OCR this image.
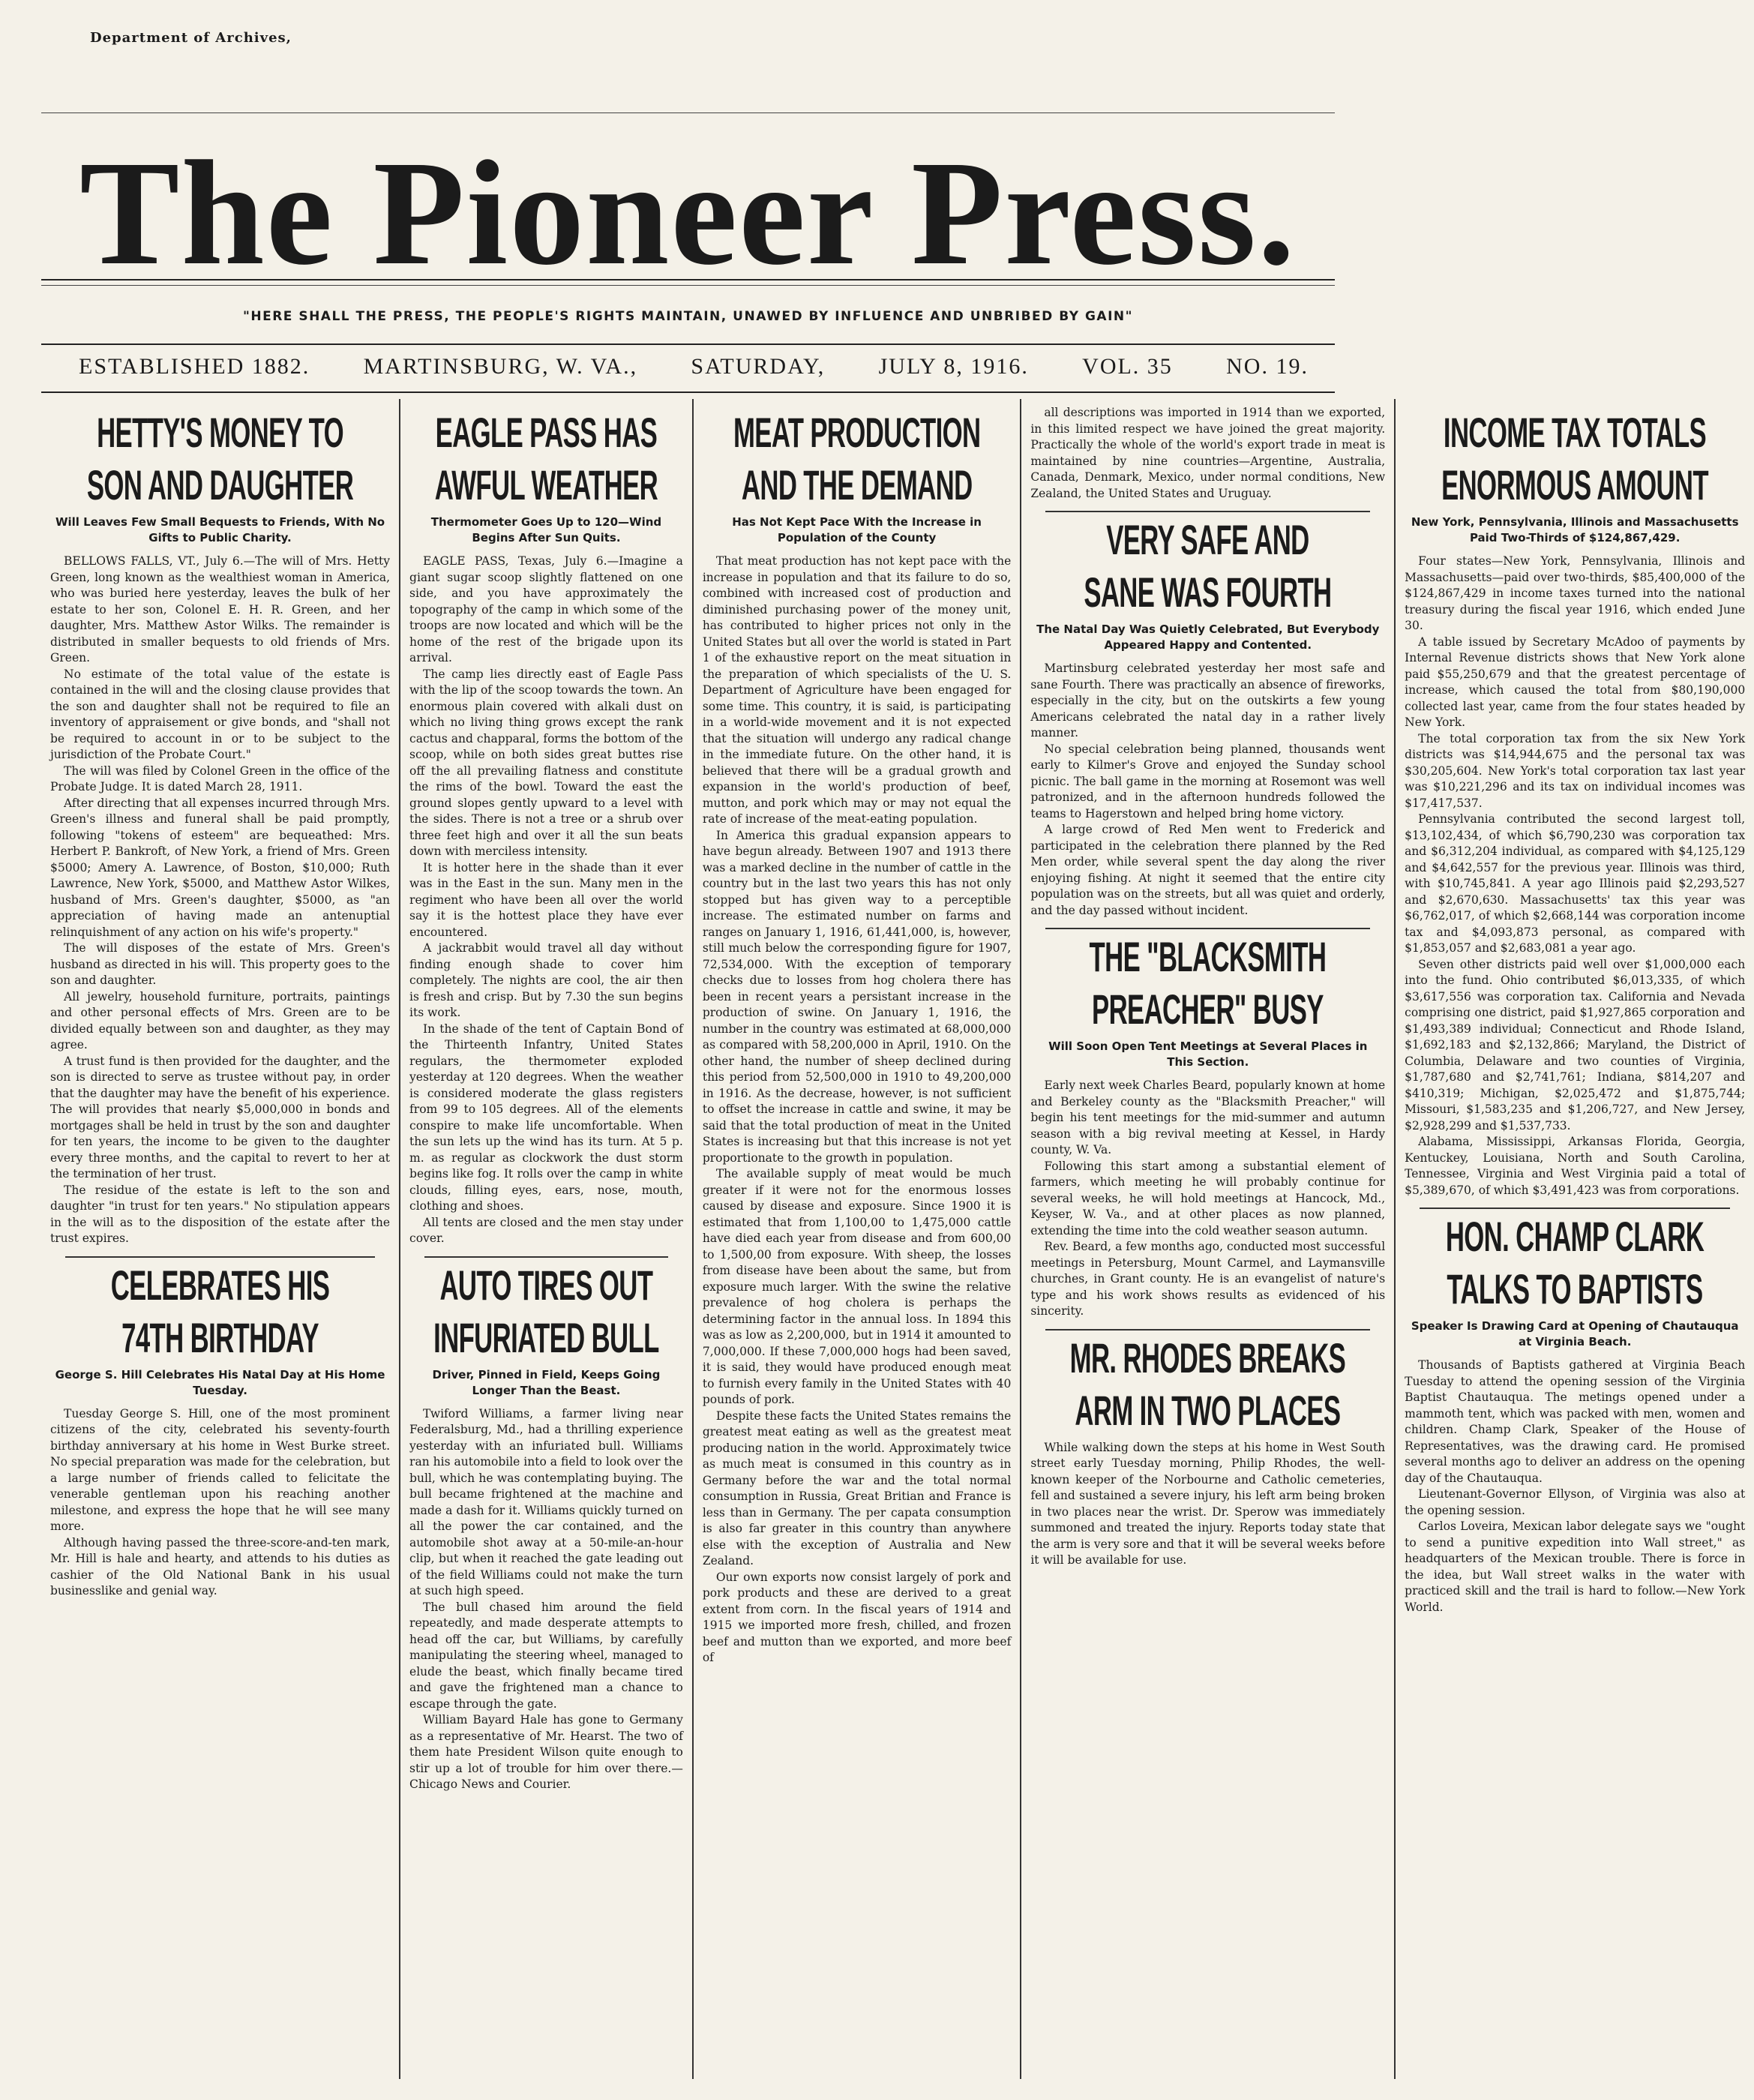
Department of Archives,
The Pioneer Press.
"HERE SHALL THE PRESS, THE PEOPLE'S RIGHTS MAINTAIN, UNAWED BY INFLUENCE AND UNBRIBED BY GAIN"
ESTABLISHED 1882. MARTINSBURG, W. VA., SATURDAY, JULY 8, 1916. VOL. 35 NO. 19.
HETTY'S MONEY TO
SON AND DAUGHTER
Will Leaves Few Small Bequests to Friends, With No Gifts to Public Charity.

BELLOWS FALLS, VT., July 6.—The will of Mrs. Hetty Green, long known as the wealthiest woman in America, who was buried here yesterday, leaves the bulk of her estate to her son, Colonel E. H. R. Green, and her daughter, Mrs. Matthew Astor Wilks. The remainder is distributed in smaller bequests to old friends of Mrs. Green.

No estimate of the total value of the estate is contained in the will and the closing clause provides that the son and daughter shall not be required to file an inventory of appraisement or give bonds, and "shall not be required to account in or to be subject to the jurisdiction of the Probate Court."

The will was filed by Colonel Green in the office of the Probate Judge. It is dated March 28, 1911.

After directing that all expenses incurred through Mrs. Green's illness and funeral shall be paid promptly, following "tokens of esteem" are bequeathed: Mrs. Herbert P. Bankroft, of New York, a friend of Mrs. Green $5000; Amery A. Lawrence, of Boston, $10,000; Ruth Lawrence, New York, $5000, and Matthew Astor Wilkes, husband of Mrs. Green's daughter, $5000, as "an appreciation of having made an antenuptial relinquishment of any action on his wife's property."

The will disposes of the estate of Mrs. Green's husband as directed in his will. This property goes to the son and daughter.

All jewelry, household furniture, portraits, paintings and other personal effects of Mrs. Green are to be divided equally between son and daughter, as they may agree.

A trust fund is then provided for the daughter, and the son is directed to serve as trustee without pay, in order that the daughter may have the benefit of his experience. The will provides that nearly $5,000,000 in bonds and mortgages shall be held in trust by the son and daughter for ten years, the income to be given to the daughter every three months, and the capital to revert to her at the termination of her trust.

The residue of the estate is left to the son and daughter "in trust for ten years." No stipulation appears in the will as to the disposition of the estate after the trust expires.

CELEBRATES HIS
74TH BIRTHDAY
George S. Hill Celebrates His Natal Day at His Home Tuesday.

Tuesday George S. Hill, one of the most prominent citizens of the city, celebrated his seventy-fourth birthday anniversary at his home in West Burke street. No special preparation was made for the celebration, but a large number of friends called to felicitate the venerable gentleman upon his reaching another milestone, and express the hope that he will see many more.

Although having passed the three-score-and-ten mark, Mr. Hill is hale and hearty, and attends to his duties as cashier of the Old National Bank in his usual businesslike and genial way.

EAGLE PASS HAS
AWFUL WEATHER
Thermometer Goes Up to 120—Wind Begins After Sun Quits.

EAGLE PASS, Texas, July 6.—Imagine a giant sugar scoop slightly flattened on one side, and you have approximately the topography of the camp in which some of the troops are now located and which will be the home of the rest of the brigade upon its arrival.

The camp lies directly east of Eagle Pass with the lip of the scoop towards the town. An enormous plain covered with alkali dust on which no living thing grows except the rank cactus and chapparal, forms the bottom of the scoop, while on both sides great buttes rise off the all prevailing flatness and constitute the rims of the bowl. Toward the east the ground slopes gently upward to a level with the sides. There is not a tree or a shrub over three feet high and over it all the sun beats down with merciless intensity.

It is hotter here in the shade than it ever was in the East in the sun. Many men in the regiment who have been all over the world say it is the hottest place they have ever encountered.

A jackrabbit would travel all day without finding enough shade to cover him completely. The nights are cool, the air then is fresh and crisp. But by 7.30 the sun begins its work.

In the shade of the tent of Captain Bond of the Thirteenth Infantry, United States regulars, the thermometer exploded yesterday at 120 degrees. When the weather is considered moderate the glass registers from 99 to 105 degrees. All of the elements conspire to make life uncomfortable. When the sun lets up the wind has its turn. At 5 p. m. as regular as clockwork the dust storm begins like fog. It rolls over the camp in white clouds, filling eyes, ears, nose, mouth, clothing and shoes.

All tents are closed and the men stay under cover.

AUTO TIRES OUT
INFURIATED BULL
Driver, Pinned in Field, Keeps Going Longer Than the Beast.

Twiford Williams, a farmer living near Federalsburg, Md., had a thrilling experience yesterday with an infuriated bull. Williams ran his automobile into a field to look over the bull, which he was contemplating buying. The bull became frightened at the machine and made a dash for it. Williams quickly turned on all the power the car contained, and the automobile shot away at a 50-mile-an-hour clip, but when it reached the gate leading out of the field Williams could not make the turn at such high speed.

The bull chased him around the field repeatedly, and made desperate attempts to head off the car, but Williams, by carefully manipulating the steering wheel, managed to elude the beast, which finally became tired and gave the frightened man a chance to escape through the gate.

William Bayard Hale has gone to Germany as a representative of Mr. Hearst. The two of them hate President Wilson quite enough to stir up a lot of trouble for him over there.—Chicago News and Courier.

MEAT PRODUCTION
AND THE DEMAND
Has Not Kept Pace With the Increase in Population of the County

That meat production has not kept pace with the increase in population and that its failure to do so, combined with increased cost of production and diminished purchasing power of the money unit, has contributed to higher prices not only in the United States but all over the world is stated in Part 1 of the exhaustive report on the meat situation in the preparation of which specialists of the U. S. Department of Agriculture have been engaged for some time. This country, it is said, is participating in a world-wide movement and it is not expected that the situation will undergo any radical change in the immediate future. On the other hand, it is believed that there will be a gradual growth and expansion in the world's production of beef, mutton, and pork which may or may not equal the rate of increase of the meat-eating population.

In America this gradual expansion appears to have begun already. Between 1907 and 1913 there was a marked decline in the number of cattle in the country but in the last two years this has not only stopped but has given way to a perceptible increase. The estimated number on farms and ranges on January 1, 1916, 61,441,000, is, however, still much below the corresponding figure for 1907, 72,534,000. With the exception of temporary checks due to losses from hog cholera there has been in recent years a persistant increase in the production of swine. On January 1, 1916, the number in the country was estimated at 68,000,000 as compared with 58,200,000 in April, 1910. On the other hand, the number of sheep declined during this period from 52,500,000 in 1910 to 49,200,000 in 1916. As the decrease, however, is not sufficient to offset the increase in cattle and swine, it may be said that the total production of meat in the United States is increasing but that this increase is not yet proportionate to the growth in population.

The available supply of meat would be much greater if it were not for the enormous losses caused by disease and exposure. Since 1900 it is estimated that from 1,100,00 to 1,475,000 cattle have died each year from disease and from 600,00 to 1,500,00 from exposure. With sheep, the losses from disease have been about the same, but from exposure much larger. With the swine the relative prevalence of hog cholera is perhaps the determining factor in the annual loss. In 1894 this was as low as 2,200,000, but in 1914 it amounted to 7,000,000. If these 7,000,000 hogs had been saved, it is said, they would have produced enough meat to furnish every family in the United States with 40 pounds of pork.

Despite these facts the United States remains the greatest meat eating as well as the greatest meat producing nation in the world. Approximately twice as much meat is consumed in this country as in Germany before the war and the total normal consumption in Russia, Great Britian and France is less than in Germany. The per capata consumption is also far greater in this country than anywhere else with the exception of Australia and New Zealand.

Our own exports now consist largely of pork and pork products and these are derived to a great extent from corn. In the fiscal years of 1914 and 1915 we imported more fresh, chilled, and frozen beef and mutton than we exported, and more beef of

all descriptions was imported in 1914 than we exported, in this limited respect we have joined the great majority. Practically the whole of the world's export trade in meat is maintained by nine countries—Argentine, Australia, Canada, Denmark, Mexico, under normal conditions, New Zealand, the United States and Uruguay.

VERY SAFE AND
SANE WAS FOURTH
The Natal Day Was Quietly Celebrated, But Everybody Appeared Happy and Contented.

Martinsburg celebrated yesterday her most safe and sane Fourth. There was practically an absence of fireworks, especially in the city, but on the outskirts a few young Americans celebrated the natal day in a rather lively manner.

No special celebration being planned, thousands went early to Kilmer's Grove and enjoyed the Sunday school picnic. The ball game in the morning at Rosemont was well patronized, and in the afternoon hundreds followed the teams to Hagerstown and helped bring home victory.

A large crowd of Red Men went to Frederick and participated in the celebration there planned by the Red Men order, while several spent the day along the river enjoying fishing. At night it seemed that the entire city population was on the streets, but all was quiet and orderly, and the day passed without incident.

THE "BLACKSMITH
PREACHER" BUSY
Will Soon Open Tent Meetings at Several Places in This Section.

Early next week Charles Beard, popularly known at home and Berkeley county as the "Blacksmith Preacher," will begin his tent meetings for the mid-summer and autumn season with a big revival meeting at Kessel, in Hardy county, W. Va.

Following this start among a substantial element of farmers, which meeting he will probably continue for several weeks, he will hold meetings at Hancock, Md., Keyser, W. Va., and at other places as now planned, extending the time into the cold weather season autumn.

Rev. Beard, a few months ago, conducted most successful meetings in Petersburg, Mount Carmel, and Laymansville churches, in Grant county. He is an evangelist of nature's type and his work shows results as evidenced of his sincerity.

MR. RHODES BREAKS
ARM IN TWO PLACES

While walking down the steps at his home in West South street early Tuesday morning, Philip Rhodes, the well-known keeper of the Norbourne and Catholic cemeteries, fell and sustained a severe injury, his left arm being broken in two places near the wrist. Dr. Sperow was immediately summoned and treated the injury. Reports today state that the arm is very sore and that it will be several weeks before it will be available for use.

INCOME TAX TOTALS
ENORMOUS AMOUNT
New York, Pennsylvania, Illinois and Massachusetts Paid Two-Thirds of $124,867,429.

Four states—New York, Pennsylvania, Illinois and Massachusetts—paid over two-thirds, $85,400,000 of the $124,867,429 in income taxes turned into the national treasury during the fiscal year 1916, which ended June 30.

A table issued by Secretary McAdoo of payments by Internal Revenue districts shows that New York alone paid $55,250,679 and that the greatest percentage of increase, which caused the total from $80,190,000 collected last year, came from the four states headed by New York.

The total corporation tax from the six New York districts was $14,944,675 and the personal tax was $30,205,604. New York's total corporation tax last year was $10,221,296 and its tax on individual incomes was $17,417,537.

Pennsylvania contributed the second largest toll, $13,102,434, of which $6,790,230 was corporation tax and $6,312,204 individual, as compared with $4,125,129 and $4,642,557 for the previous year. Illinois was third, with $10,745,841. A year ago Illinois paid $2,293,527 and $2,670,630. Massachusetts' tax this year was $6,762,017, of which $2,668,144 was corporation income tax and $4,093,873 personal, as compared with $1,853,057 and $2,683,081 a year ago.

Seven other districts paid well over $1,000,000 each into the fund. Ohio contributed $6,013,335, of which $3,617,556 was corporation tax. California and Nevada comprising one district, paid $1,927,865 corporation and $1,493,389 individual; Connecticut and Rhode Island, $1,692,183 and $2,132,866; Maryland, the District of Columbia, Delaware and two counties of Virginia, $1,787,680 and $2,741,761; Indiana, $814,207 and $410,319; Michigan, $2,025,472 and $1,875,744; Missouri, $1,583,235 and $1,206,727, and New Jersey, $2,928,299 and $1,537,733.

Alabama, Mississippi, Arkansas Florida, Georgia, Kentuckey, Louisiana, North and South Carolina, Tennessee, Virginia and West Virginia paid a total of $5,389,670, of which $3,491,423 was from corporations.

HON. CHAMP CLARK
TALKS TO BAPTISTS
Speaker Is Drawing Card at Opening of Chautauqua at Virginia Beach.

Thousands of Baptists gathered at Virginia Beach Tuesday to attend the opening session of the Virginia Baptist Chautauqua. The metings opened under a mammoth tent, which was packed with men, women and children. Champ Clark, Speaker of the House of Representatives, was the drawing card. He promised several months ago to deliver an address on the opening day of the Chautauqua.

Lieutenant-Governor Ellyson, of Virginia was also at the opening session.

Carlos Loveira, Mexican labor delegate says we "ought to send a punitive expedition into Wall street," as headquarters of the Mexican trouble. There is force in the idea, but Wall street walks in the water with practiced skill and the trail is hard to follow.—New York World.
